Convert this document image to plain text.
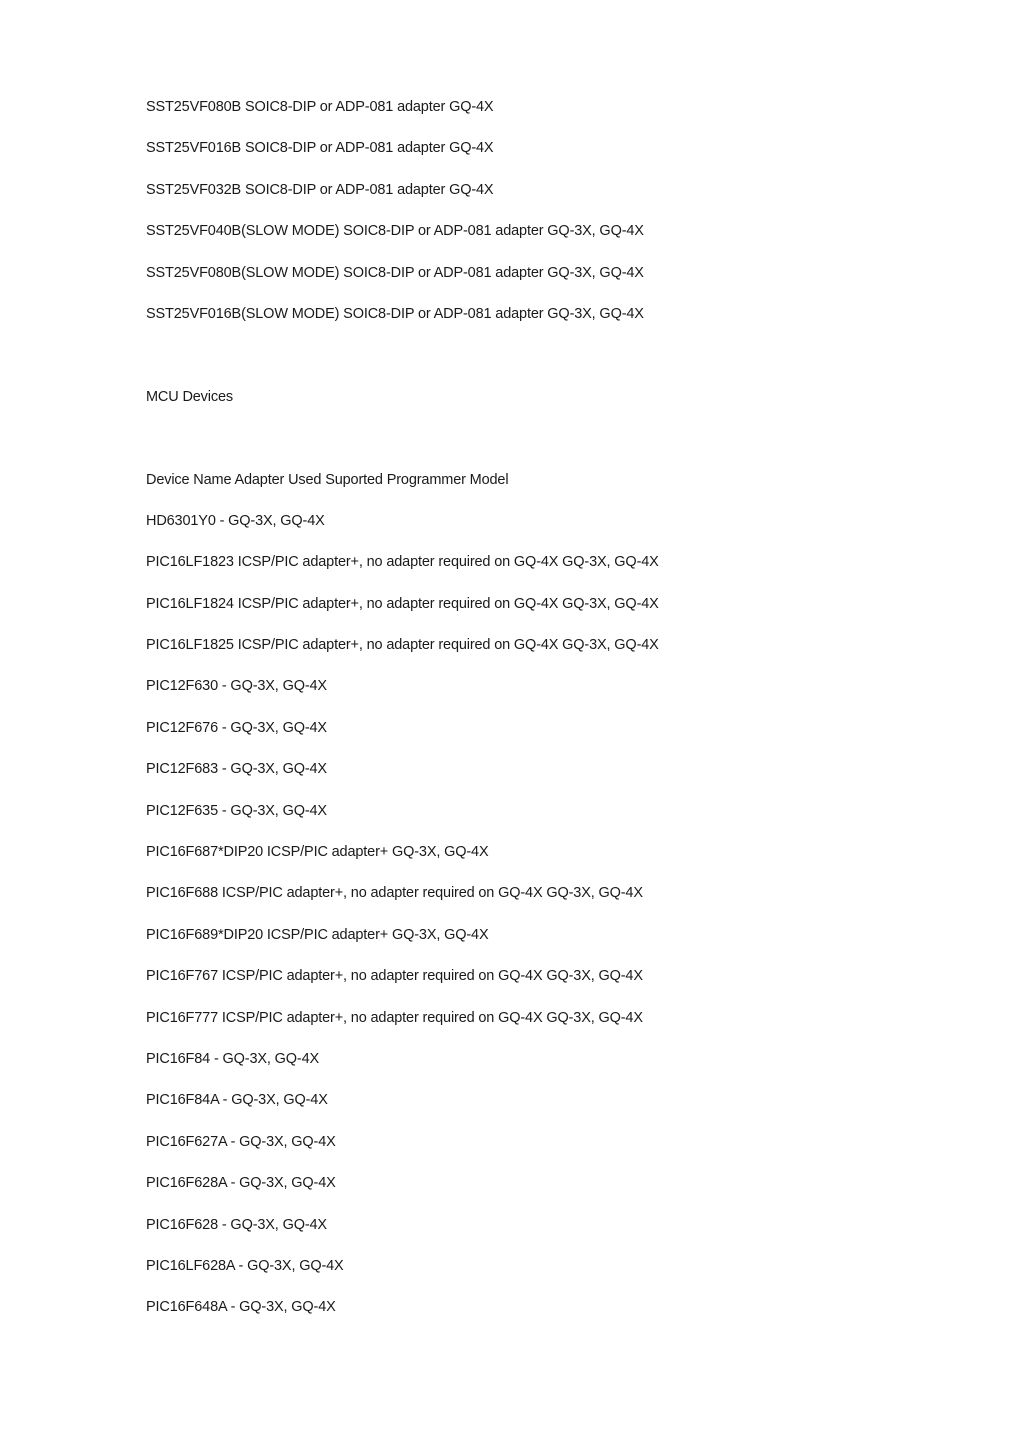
SST25VF080B SOIC8-DIP or ADP-081 adapter GQ-4X
SST25VF016B SOIC8-DIP or ADP-081 adapter GQ-4X
SST25VF032B SOIC8-DIP or ADP-081 adapter GQ-4X
SST25VF040B(SLOW MODE) SOIC8-DIP or ADP-081 adapter GQ-3X, GQ-4X
SST25VF080B(SLOW MODE) SOIC8-DIP or ADP-081 adapter GQ-3X, GQ-4X
SST25VF016B(SLOW MODE) SOIC8-DIP or ADP-081 adapter GQ-3X, GQ-4X
MCU Devices
Device Name Adapter Used Suported Programmer Model
HD6301Y0 - GQ-3X, GQ-4X
PIC16LF1823 ICSP/PIC adapter+, no adapter required on GQ-4X GQ-3X, GQ-4X
PIC16LF1824 ICSP/PIC adapter+, no adapter required on GQ-4X GQ-3X, GQ-4X
PIC16LF1825 ICSP/PIC adapter+, no adapter required on GQ-4X GQ-3X, GQ-4X
PIC12F630 - GQ-3X, GQ-4X
PIC12F676 - GQ-3X, GQ-4X
PIC12F683 - GQ-3X, GQ-4X
PIC12F635 - GQ-3X, GQ-4X
PIC16F687*DIP20 ICSP/PIC adapter+ GQ-3X, GQ-4X
PIC16F688 ICSP/PIC adapter+, no adapter required on GQ-4X GQ-3X, GQ-4X
PIC16F689*DIP20 ICSP/PIC adapter+ GQ-3X, GQ-4X
PIC16F767 ICSP/PIC adapter+, no adapter required on GQ-4X GQ-3X, GQ-4X
PIC16F777 ICSP/PIC adapter+, no adapter required on GQ-4X GQ-3X, GQ-4X
PIC16F84 - GQ-3X, GQ-4X
PIC16F84A - GQ-3X, GQ-4X
PIC16F627A - GQ-3X, GQ-4X
PIC16F628A - GQ-3X, GQ-4X
PIC16F628 - GQ-3X, GQ-4X
PIC16LF628A - GQ-3X, GQ-4X
PIC16F648A - GQ-3X, GQ-4X
